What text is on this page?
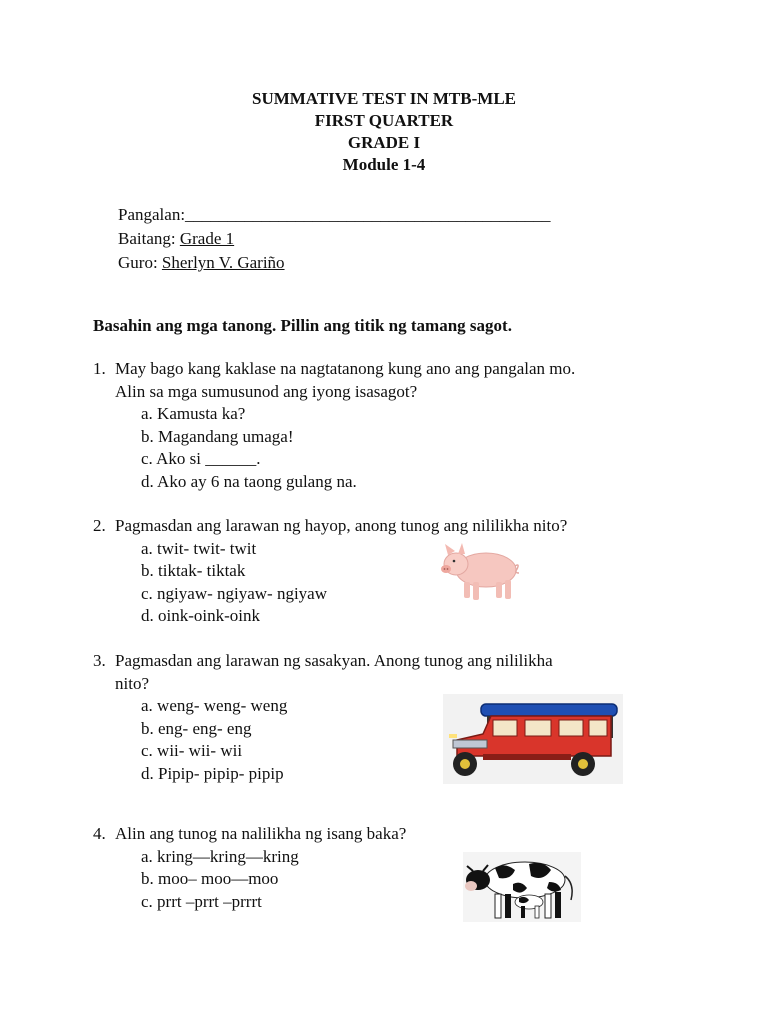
SUMMATIVE TEST IN MTB-MLE
FIRST QUARTER
GRADE I
Module 1-4
Pangalan:___________________________________________
Baitang: Grade 1
Guro: Sherlyn V. Gariño
Basahin ang mga tanong. Pillin ang titik ng tamang sagot.
1. May bago kang kaklase na nagtatanong kung ano ang pangalan mo.
Alin sa mga sumusunod ang iyong isasagot?
a. Kamusta ka?
b. Magandang umaga!
c. Ako si ______.
d. Ako ay 6 na taong gulang na.
2. Pagmasdan ang larawan ng hayop, anong tunog ang nililikha nito?
a. twit- twit- twit
b. tiktak- tiktak
c. ngiyaw- ngiyaw- ngiyaw
d. oink-oink-oink
3. Pagmasdan ang larawan ng sasakyan. Anong tunog ang nililikha
nito?
a. weng- weng- weng
b. eng- eng- eng
c. wii- wii- wii
d. Pipip- pipip- pipip
4. Alin ang tunog na nalilikha ng isang baka?
a. kring—kring—kring
b. moo– moo—moo
c. prrt –prrt –prrrt
